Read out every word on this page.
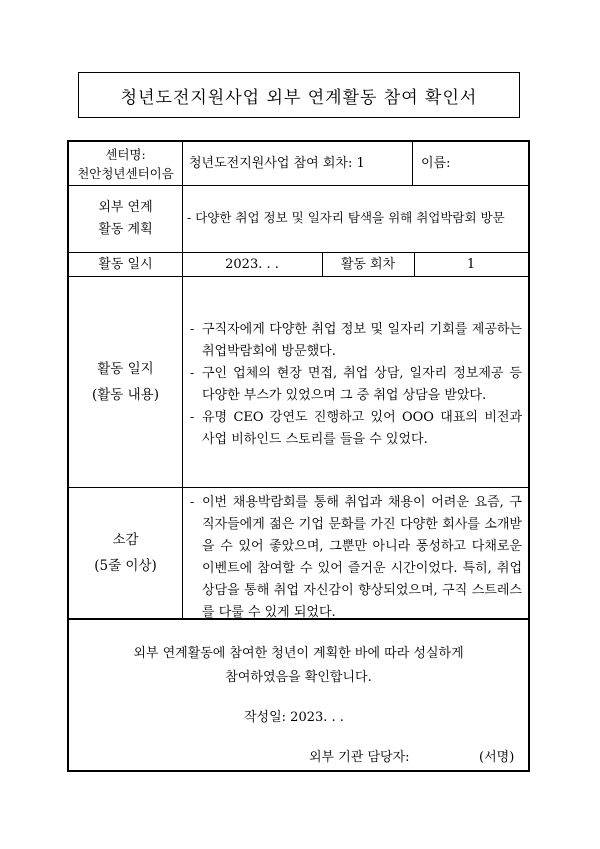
청년도전지원사업 외부 연계활동 참여 확인서
센터명:
천안청년센터이음
청년도전지원사업 참여 회차: 1	이름:
외부 연계
활동 계획
- 다양한 취업 정보 및 일자리 탐색을 위해 취업박람회 방문
활동 일시	2023. . .	활동 회차	1
활동 일지
(활동 내용)
- 구직자에게 다양한 취업 정보 및 일자리 기회를 제공하는 취업박람회에 방문했다.
- 구인 업체의 현장 면접, 취업 상담, 일자리 정보제공 등 다양한 부스가 있었으며 그 중 취업 상담을 받았다.
- 유명 CEO 강연도 진행하고 있어 OOO 대표의 비전과 사업 비하인드 스토리를 들을 수 있었다.
소감
(5줄 이상)
- 이번 채용박람회를 통해 취업과 채용이 어려운 요즘, 구직자들에게 젊은 기업 문화를 가진 다양한 회사를 소개받을 수 있어 좋았으며, 그뿐만 아니라 풍성하고 다채로운 이벤트에 참여할 수 있어 즐거운 시간이었다. 특히, 취업 상담을 통해 취업 자신감이 향상되었으며, 구직 스트레스를 다룰 수 있게 되었다.
외부 연계활동에 참여한 청년이 계획한 바에 따라 성실하게
참여하였음을 확인합니다.
작성일: 2023. . .
외부 기관 담당자:	(서명)
